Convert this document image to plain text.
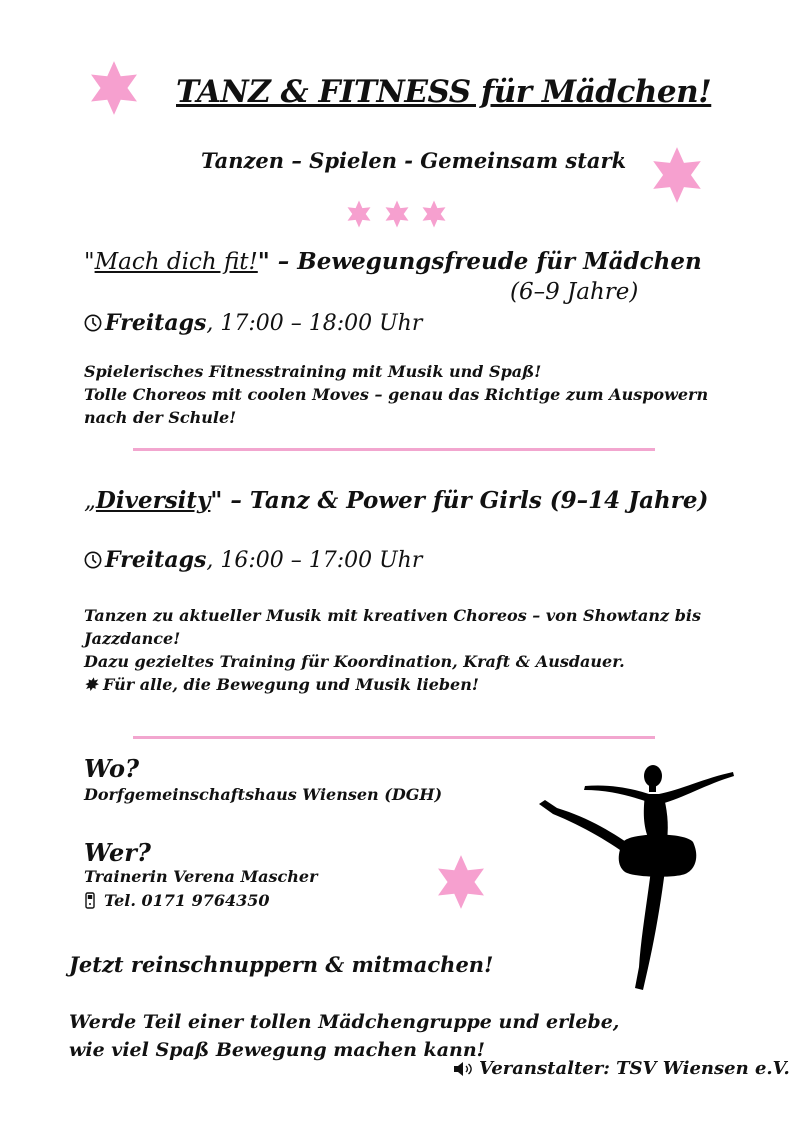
TANZ & FITNESS für Mädchen!
Tanzen – Spielen - Gemeinsam stark
"Mach dich fit!" – Bewegungsfreude für Mädchen
(6–9 Jahre)
Freitags , 17:00 – 18:00 Uhr
Spielerisches Fitnesstraining mit Musik und Spaß!
Tolle Choreos mit coolen Moves – genau das Richtige zum Auspowern
nach der Schule!
„Diversity" – Tanz & Power für Girls (9–14 Jahre)
Freitags , 16:00 – 17:00 Uhr
Tanzen zu aktueller Musik mit kreativen Choreos – von Showtanz bis
Jazzdance!
Dazu gezieltes Training für Koordination, Kraft & Ausdauer.
✸ Für alle, die Bewegung und Musik lieben!
Wo?
Dorfgemeinschaftshaus Wiensen (DGH)
Wer?
Trainerin Verena Mascher
Tel. 0171 9764350
Jetzt reinschnuppern & mitmachen!
Werde Teil einer tollen Mädchengruppe und erlebe,
wie viel Spaß Bewegung machen kann!
Veranstalter: TSV Wiensen e.V.
